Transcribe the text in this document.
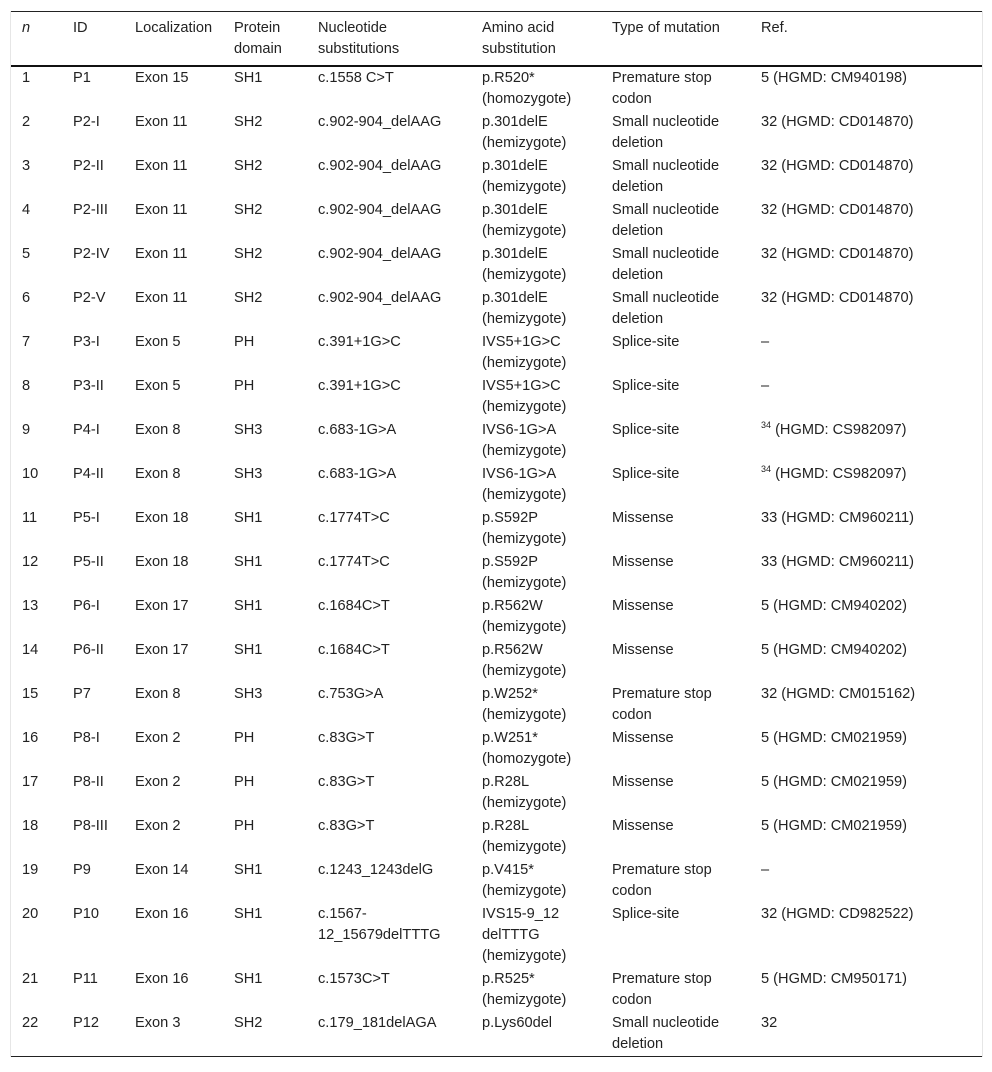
n	ID	Localization	Protein domain	Nucleotide substitutions	Amino acid substitution	Type of mutation	Ref.
1	P1	Exon 15	SH1	c.1558 C>T	p.R520* (homozygote)	Premature stop codon	5 (HGMD: CM940198)
2	P2-I	Exon 11	SH2	c.902-904_delAAG	p.301delE (hemizygote)	Small nucleotide deletion	32 (HGMD: CD014870)
3	P2-II	Exon 11	SH2	c.902-904_delAAG	p.301delE (hemizygote)	Small nucleotide deletion	32 (HGMD: CD014870)
4	P2-III	Exon 11	SH2	c.902-904_delAAG	p.301delE (hemizygote)	Small nucleotide deletion	32 (HGMD: CD014870)
5	P2-IV	Exon 11	SH2	c.902-904_delAAG	p.301delE (hemizygote)	Small nucleotide deletion	32 (HGMD: CD014870)
6	P2-V	Exon 11	SH2	c.902-904_delAAG	p.301delE (hemizygote)	Small nucleotide deletion	32 (HGMD: CD014870)
7	P3-I	Exon 5	PH	c.391+1G>C	IVS5+1G>C (hemizygote)	Splice-site	–
8	P3-II	Exon 5	PH	c.391+1G>C	IVS5+1G>C (hemizygote)	Splice-site	–
9	P4-I	Exon 8	SH3	c.683-1G>A	IVS6-1G>A (hemizygote)	Splice-site	$^{34}$ (HGMD: CS982097)
10	P4-II	Exon 8	SH3	c.683-1G>A	IVS6-1G>A (hemizygote)	Splice-site	$^{34}$ (HGMD: CS982097)
11	P5-I	Exon 18	SH1	c.1774T>C	p.S592P (hemizygote)	Missense	33 (HGMD: CM960211)
12	P5-II	Exon 18	SH1	c.1774T>C	p.S592P (hemizygote)	Missense	33 (HGMD: CM960211)
13	P6-I	Exon 17	SH1	c.1684C>T	p.R562W (hemizygote)	Missense	5 (HGMD: CM940202)
14	P6-II	Exon 17	SH1	c.1684C>T	p.R562W (hemizygote)	Missense	5 (HGMD: CM940202)
15	P7	Exon 8	SH3	c.753G>A	p.W252* (hemizygote)	Premature stop codon	32 (HGMD: CM015162)
16	P8-I	Exon 2	PH	c.83G>T	p.W251* (homozygote)	Missense	5 (HGMD: CM021959)
17	P8-II	Exon 2	PH	c.83G>T	p.R28L (hemizygote)	Missense	5 (HGMD: CM021959)
18	P8-III	Exon 2	PH	c.83G>T	p.R28L (hemizygote)	Missense	5 (HGMD: CM021959)
19	P9	Exon 14	SH1	c.1243_1243delG	p.V415* (hemizygote)	Premature stop codon	–
20	P10	Exon 16	SH1	c.1567-12_15679delTTTG	IVS15-9_12 delTTTG (hemizygote)	Splice-site	32 (HGMD: CD982522)
21	P11	Exon 16	SH1	c.1573C>T	p.R525* (hemizygote)	Premature stop codon	5 (HGMD: CM950171)
22	P12	Exon 3	SH2	c.179_181delAGA	p.Lys60del	Small nucleotide deletion	32
